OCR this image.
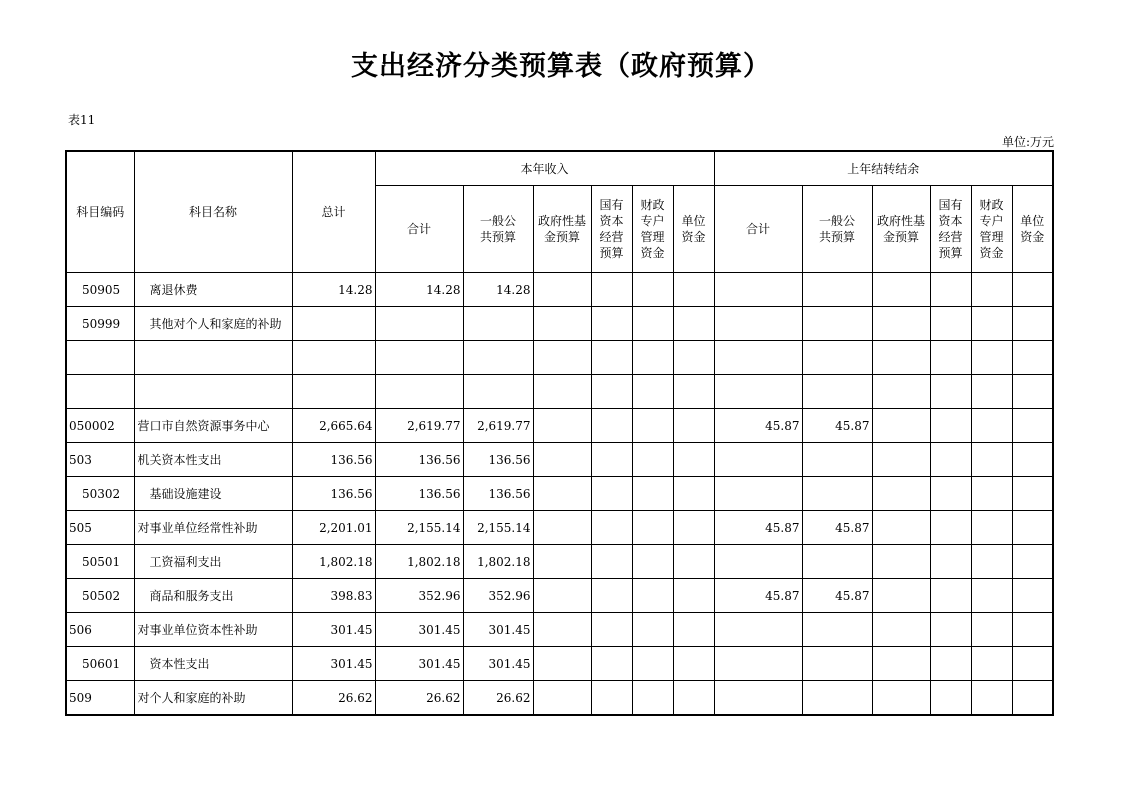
支出经济分类预算表（政府预算）
表11
单位:万元
科目编码	科目名称	总计	本年收入						上年结转结余					
			合计	一般公共预算	政府性基金预算	国有资本经营预算	财政专户管理资金	单位资金	合计	一般公共预算	政府性基金预算	国有资本经营预算	财政专户管理资金	单位资金
50905	离退休费	14.28	14.28	14.28										
50999	其他对个人和家庭的补助													

050002	营口市自然资源事务中心	2,665.64	2,619.77	2,619.77					45.87	45.87				
503	机关资本性支出	136.56	136.56	136.56										
50302	基础设施建设	136.56	136.56	136.56										
505	对事业单位经常性补助	2,201.01	2,155.14	2,155.14					45.87	45.87				
50501	工资福利支出	1,802.18	1,802.18	1,802.18										
50502	商品和服务支出	398.83	352.96	352.96					45.87	45.87				
506	对事业单位资本性补助	301.45	301.45	301.45										
50601	资本性支出	301.45	301.45	301.45										
509	对个人和家庭的补助	26.62	26.62	26.62										
